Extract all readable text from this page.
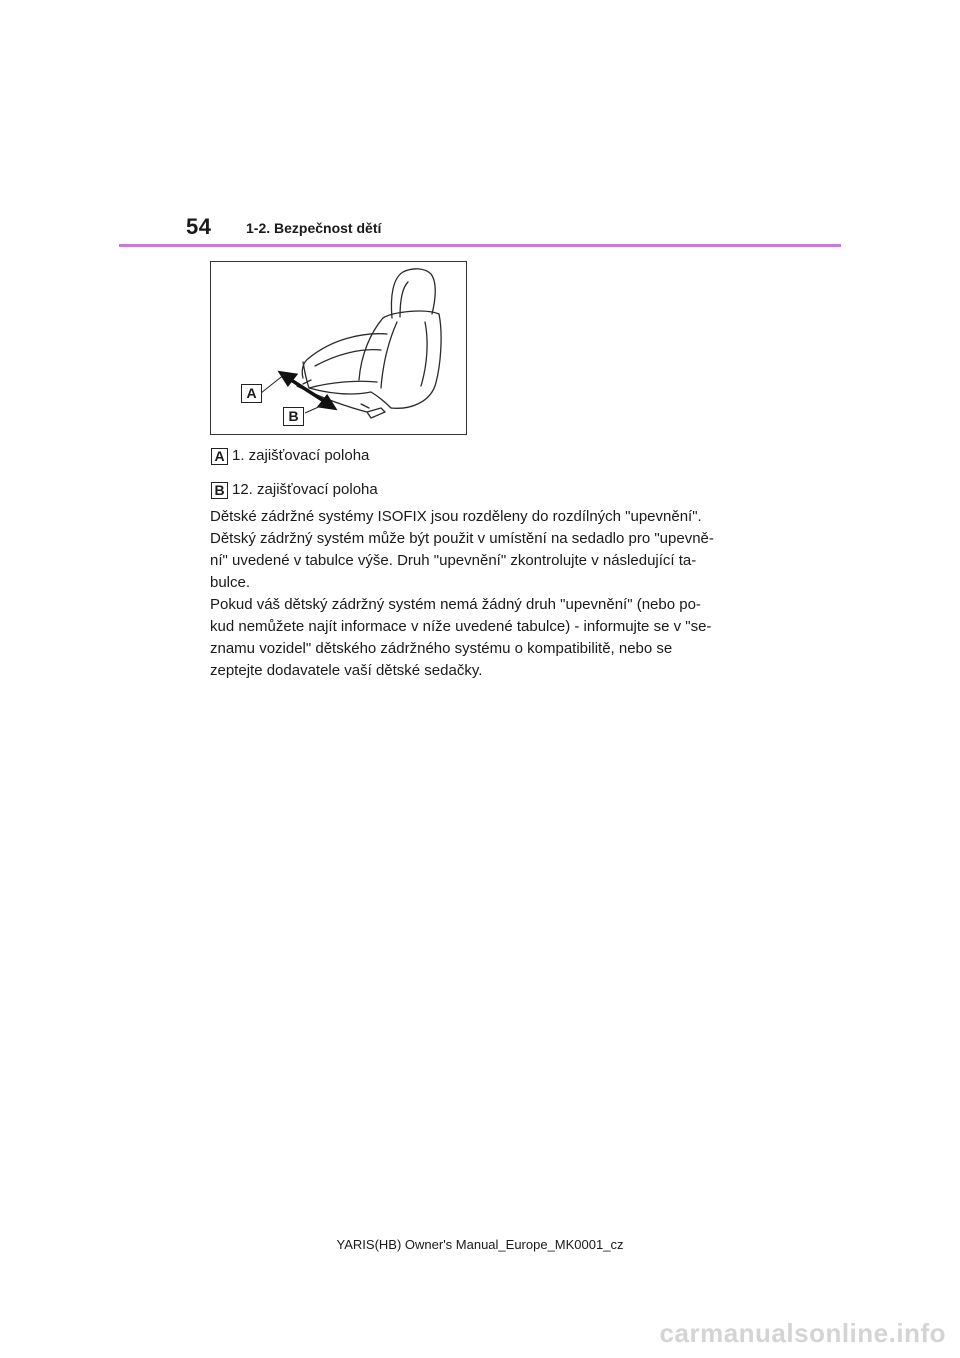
54 1-2. Bezpečnost dětí
A
B
A 1. zajišťovací poloha
B 12. zajišťovací poloha

Dětské zádržné systémy ISOFIX jsou rozděleny do rozdílných "upevnění".

Dětský zádržný systém může být použit v umístění na sedadlo pro "upevně-

ní" uvedené v tabulce výše. Druh "upevnění" zkontrolujte v následující ta-

bulce.

Pokud váš dětský zádržný systém nemá žádný druh "upevnění" (nebo po-

kud nemůžete najít informace v níže uvedené tabulce) - informujte se v "se-

znamu vozidel" dětského zádržného systému o kompatibilitě, nebo se

zeptejte dodavatele vaší dětské sedačky.

YARIS(HB) Owner's Manual_Europe_MK0001_cz
carmanualsonline.info
